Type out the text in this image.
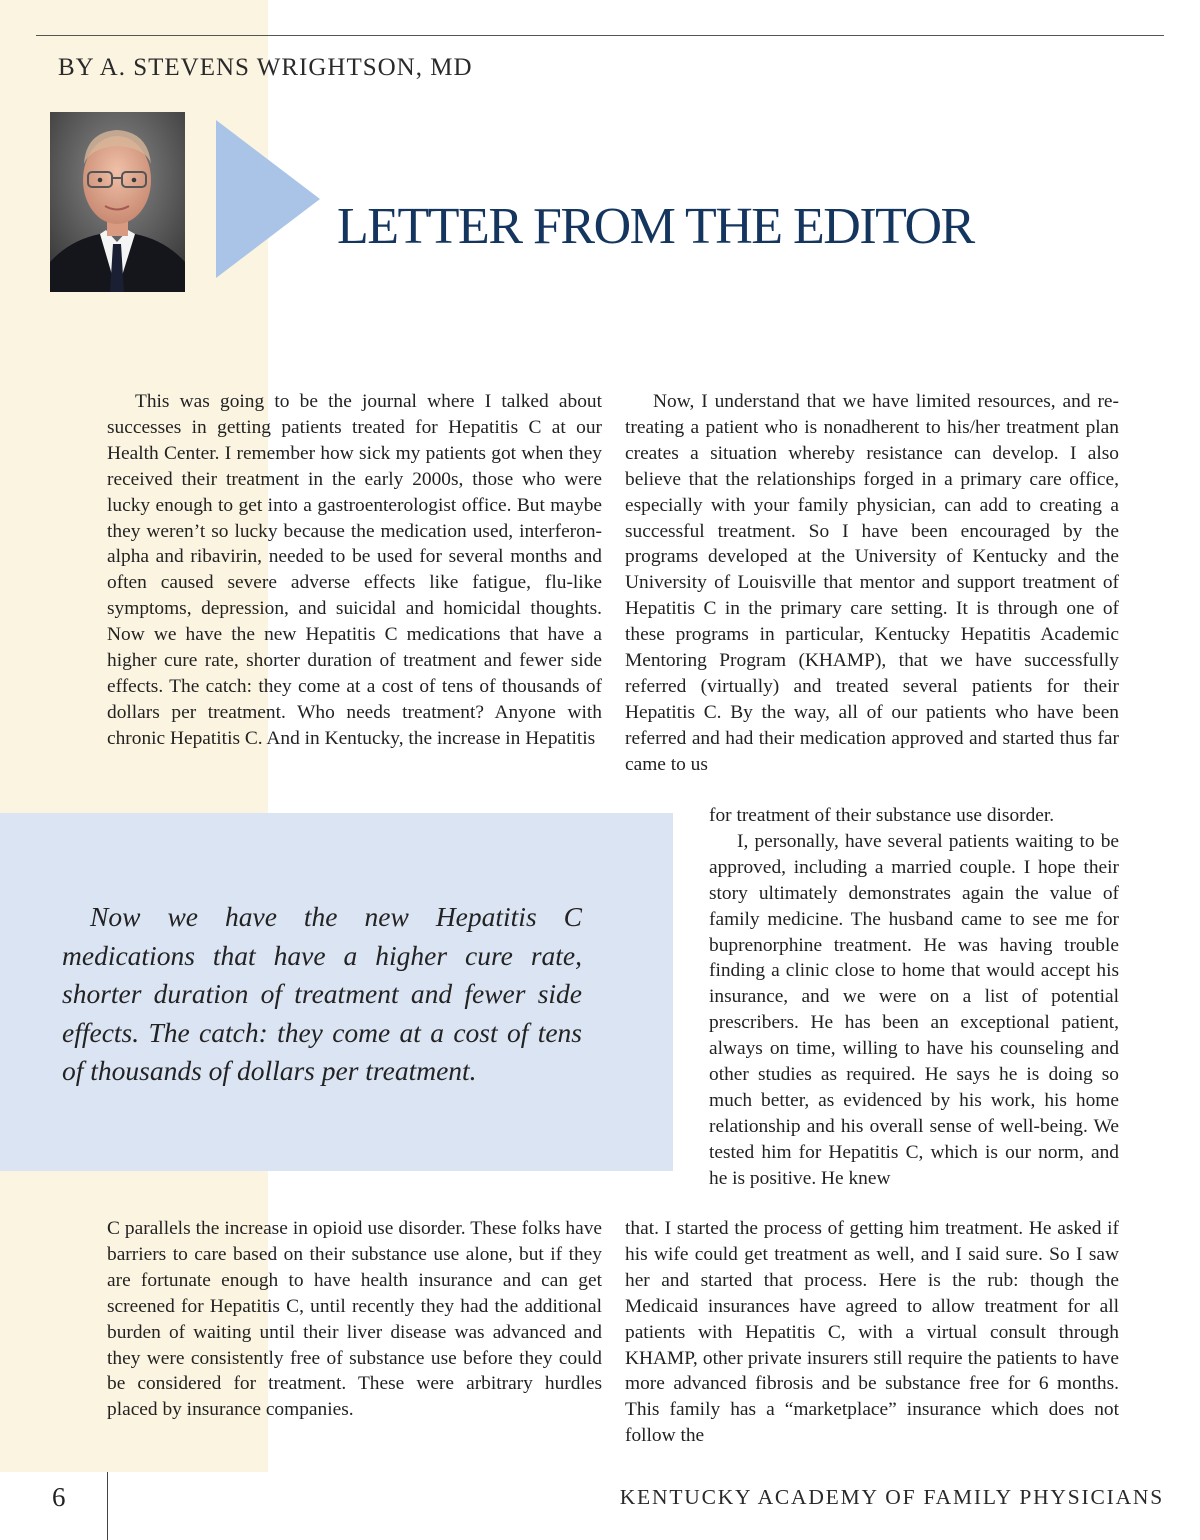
BY A. STEVENS WRIGHTSON, MD
LETTER FROM THE EDITOR

This was going to be the journal where I talked about successes in getting patients treated for Hepatitis C at our Health Center. I remember how sick my patients got when they received their treatment in the early 2000s, those who were lucky enough to get into a gastroenterologist office. But maybe they weren’t so lucky because the medication used, interferon-alpha and ribavirin, needed to be used for several months and often caused severe adverse effects like fatigue, flu-like symptoms, depression, and suicidal and homicidal thoughts. Now we have the new Hepatitis C medications that have a higher cure rate, shorter duration of treatment and fewer side effects. The catch: they come at a cost of tens of thousands of dollars per treatment. Who needs treatment? Anyone with chronic Hepatitis C. And in Kentucky, the increase in Hepatitis

Now we have the new Hepatitis C medications that have a higher cure rate, shorter duration of treatment and fewer side effects. The catch: they come at a cost of tens of thousands of dollars per treatment.

C parallels the increase in opioid use disorder. These folks have barriers to care based on their substance use alone, but if they are fortunate enough to have health insurance and can get screened for Hepatitis C, until recently they had the additional burden of waiting until their liver disease was advanced and they were consistently free of substance use before they could be considered for treatment. These were arbitrary hurdles placed by insurance companies.

Now, I understand that we have limited resources, and re-treating a patient who is nonadherent to his/her treatment plan creates a situation whereby resistance can develop. I also believe that the relationships forged in a primary care office, especially with your family physician, can add to creating a successful treatment. So I have been encouraged by the programs developed at the University of Kentucky and the University of Louisville that mentor and support treatment of Hepatitis C in the primary care setting. It is through one of these programs in particular, Kentucky Hepatitis Academic Mentoring Program (KHAMP), that we have successfully referred (virtually) and treated several patients for their Hepatitis C. By the way, all of our patients who have been referred and had their medication approved and started thus far came to us

for treatment of their substance use disorder.

I, personally, have several patients waiting to be approved, including a married couple. I hope their story ultimately demonstrates again the value of family medicine. The husband came to see me for buprenorphine treatment. He was having trouble finding a clinic close to home that would accept his insurance, and we were on a list of potential prescribers. He has been an exceptional patient, always on time, willing to have his counseling and other studies as required. He says he is doing so much better, as evidenced by his work, his home relationship and his overall sense of well-being. We tested him for Hepatitis C, which is our norm, and he is positive. He knew

that. I started the process of getting him treatment. He asked if his wife could get treatment as well, and I said sure. So I saw her and started that process. Here is the rub: though the Medicaid insurances have agreed to allow treatment for all patients with Hepatitis C, with a virtual consult through KHAMP, other private insurers still require the patients to have more advanced fibrosis and be substance free for 6 months. This family has a “marketplace” insurance which does not follow the

6	KENTUCKY ACADEMY OF FAMILY PHYSICIANS
